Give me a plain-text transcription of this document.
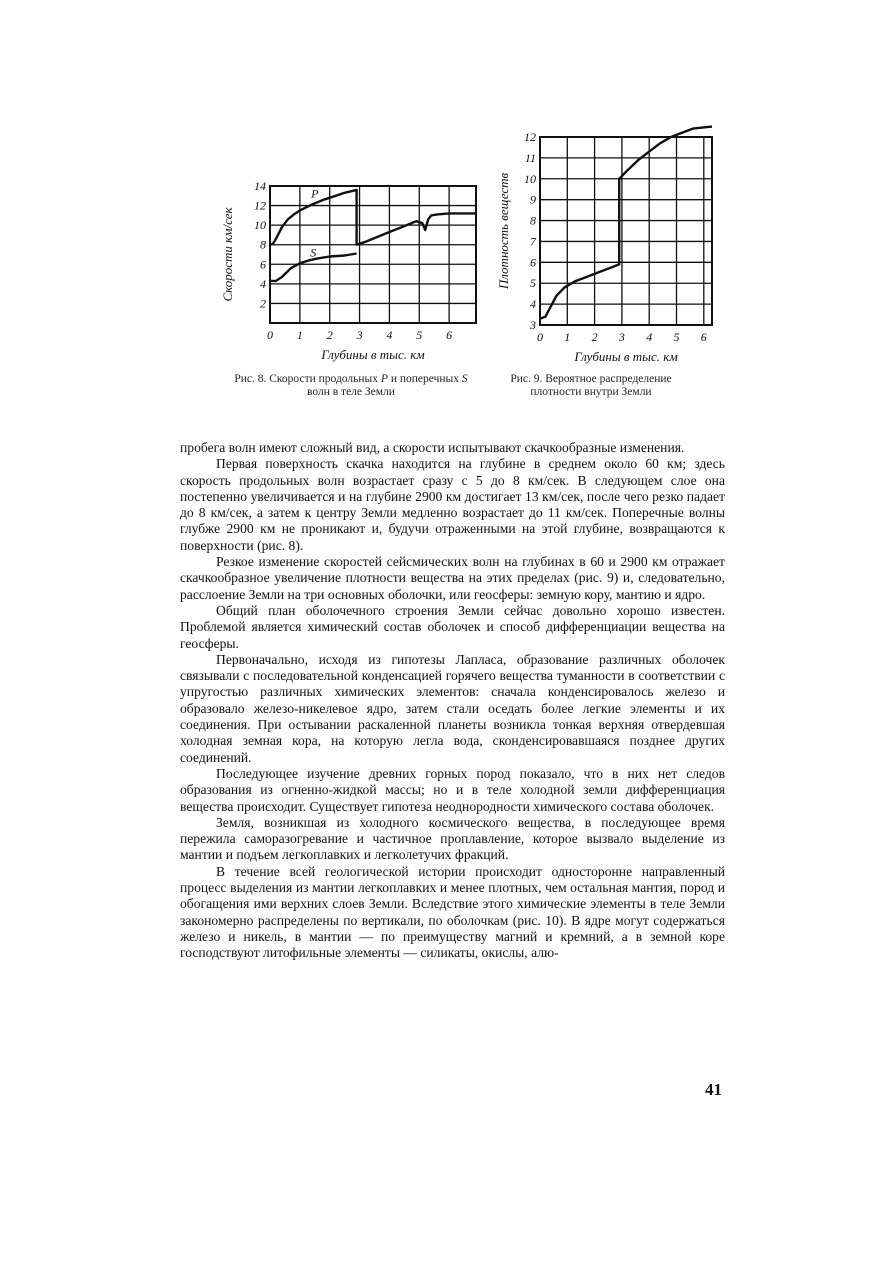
0 1 2 3 4 5 6
2
4
6
8
10
12
14
Глубины в тыс. км
Скорости км/сек
P
S
Рис. 8. Скорости продольных P и поперечных S волн в теле Земли
0 1 2 3 4 5 6
3
4
5
6
7
8
9
10
11
12
Глубины в тыс. км
Плотность веществ
Рис. 9. Вероятное распределение плотности внутри Земли

пробега волн имеют сложный вид, а скорости испытывают скачкообразные изменения.

Первая поверхность скачка находится на глубине в среднем около 60 км; здесь скорость продольных волн возрастает сразу с 5 до 8 км/сек. В следующем слое она постепенно увеличивается и на глубине 2900 км достигает 13 км/сек, после чего резко падает до 8 км/сек, а затем к центру Земли медленно возрастает до 11 км/сек. Поперечные волны глубже 2900 км не проникают и, будучи отраженными на этой глубине, возвращаются к поверхности (рис. 8).

Резкое изменение скоростей сейсмических волн на глубинах в 60 и 2900 км отражает скачкообразное увеличение плотности вещества на этих пределах (рис. 9) и, следовательно, расслоение Земли на три основных оболочки, или геосферы: земную кору, мантию и ядро.

Общий план оболочечного строения Земли сейчас довольно хорошо известен. Проблемой является химический состав оболочек и способ дифференциации вещества на геосферы.

Первоначально, исходя из гипотезы Лапласа, образование различных оболочек связывали с последовательной конденсацией горячего вещества туманности в соответствии с упругостью различных химических элементов: сначала конденсировалось железо и образовало железо-никелевое ядро, затем стали оседать более легкие элементы и их соединения. При остывании раскаленной планеты возникла тонкая верхняя отвердевшая холодная земная кора, на которую легла вода, сконденсировавшаяся позднее других соединений.

Последующее изучение древних горных пород показало, что в них нет следов образования из огненно-жидкой массы; но и в теле холодной земли дифференциация вещества происходит. Существует гипотеза неоднородности химического состава оболочек.

Земля, возникшая из холодного космического вещества, в последующее время пережила саморазогревание и частичное проплавление, которое вызвало выделение из мантии и подъем легкоплавких и легколетучих фракций.

В течение всей геологической истории происходит односторонне направленный процесс выделения из мантии легкоплавких и менее плотных, чем остальная мантия, пород и обогащения ими верхних слоев Земли. Вследствие этого химические элементы в теле Земли закономерно распределены по вертикали, по оболочкам (рис. 10). В ядре могут содержаться железо и никель, в мантии — по преимуществу магний и кремний, а в земной коре господствуют литофильные элементы — силикаты, окислы, алю-

41
